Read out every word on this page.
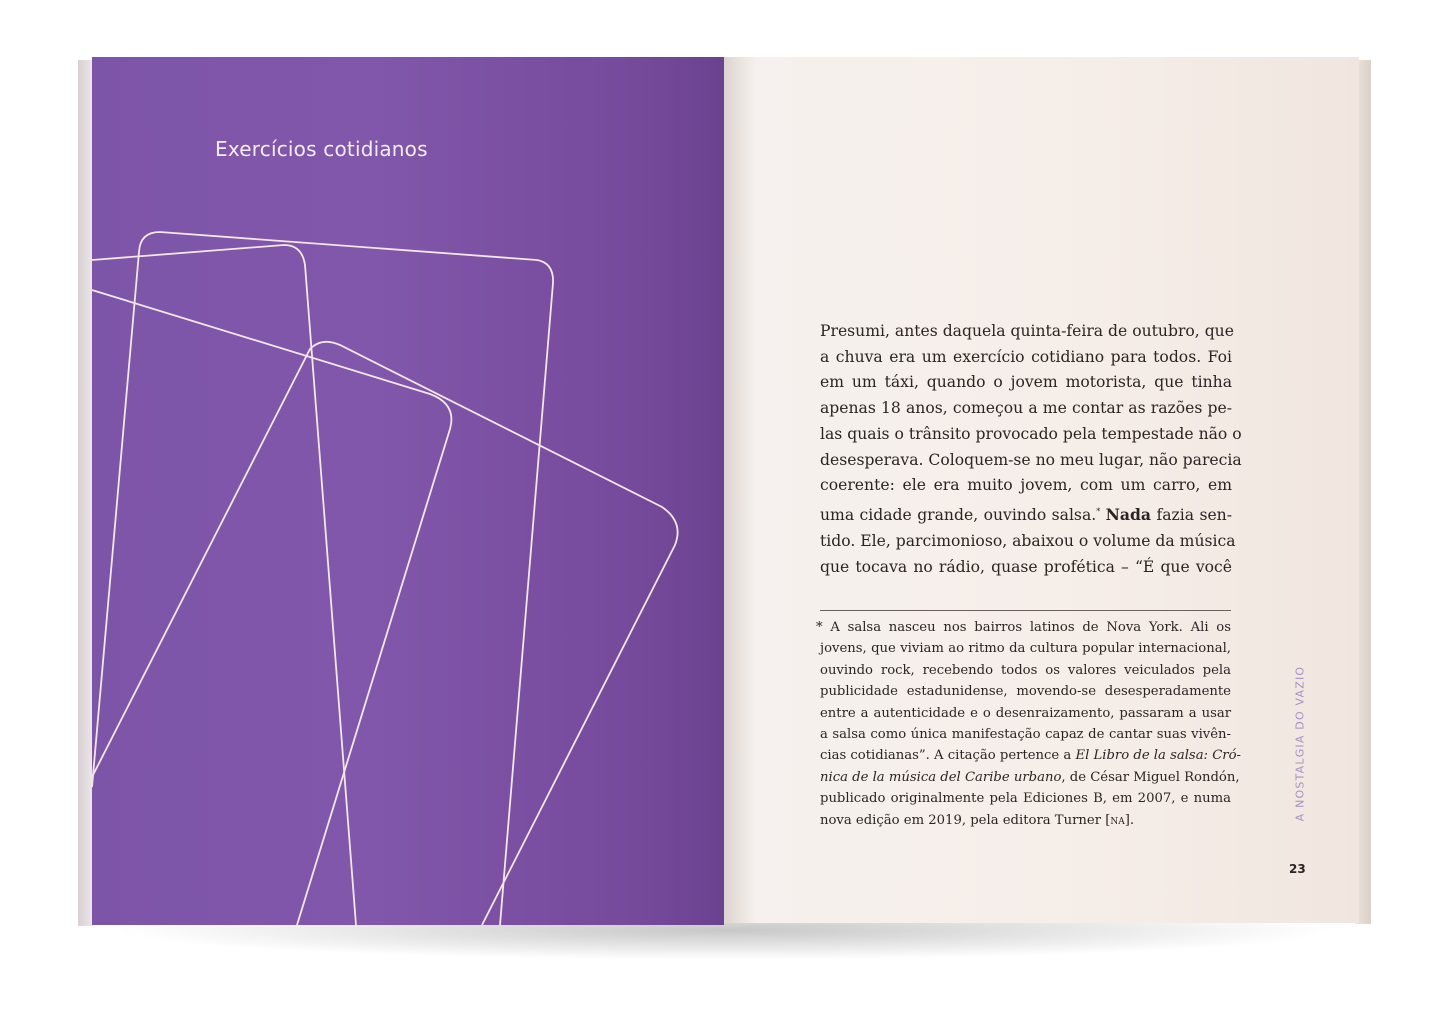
Exercícios cotidianos
Presumi, antes daquela quinta-feira de outubro, que
a chuva era um exercício cotidiano para todos. Foi
em um táxi, quando o jovem motorista, que tinha
apenas 18 anos, começou a me contar as razões pe-
las quais o trânsito provocado pela tempestade não o
desesperava. Coloquem-se no meu lugar, não parecia
coerente: ele era muito jovem, com um carro, em
uma cidade grande, ouvindo salsa.* Nada fazia sen-
tido. Ele, parcimonioso, abaixou o volume da música
que tocava no rádio, quase profética – “É que você
* A salsa nasceu nos bairros latinos de Nova York. Ali os
jovens, que viviam ao ritmo da cultura popular internacional,
ouvindo rock, recebendo todos os valores veiculados pela
publicidade estadunidense, movendo-se desesperadamente
entre a autenticidade e o desenraizamento, passaram a usar
a salsa como única manifestação capaz de cantar suas vivên-
cias cotidianas”. A citação pertence a El Libro de la salsa: Cró-
nica de la música del Caribe urbano, de César Miguel Rondón,
publicado originalmente pela Ediciones B, em 2007, e numa
nova edição em 2019, pela editora Turner [na].	A NOSTALGIA DO VAZIO
23
